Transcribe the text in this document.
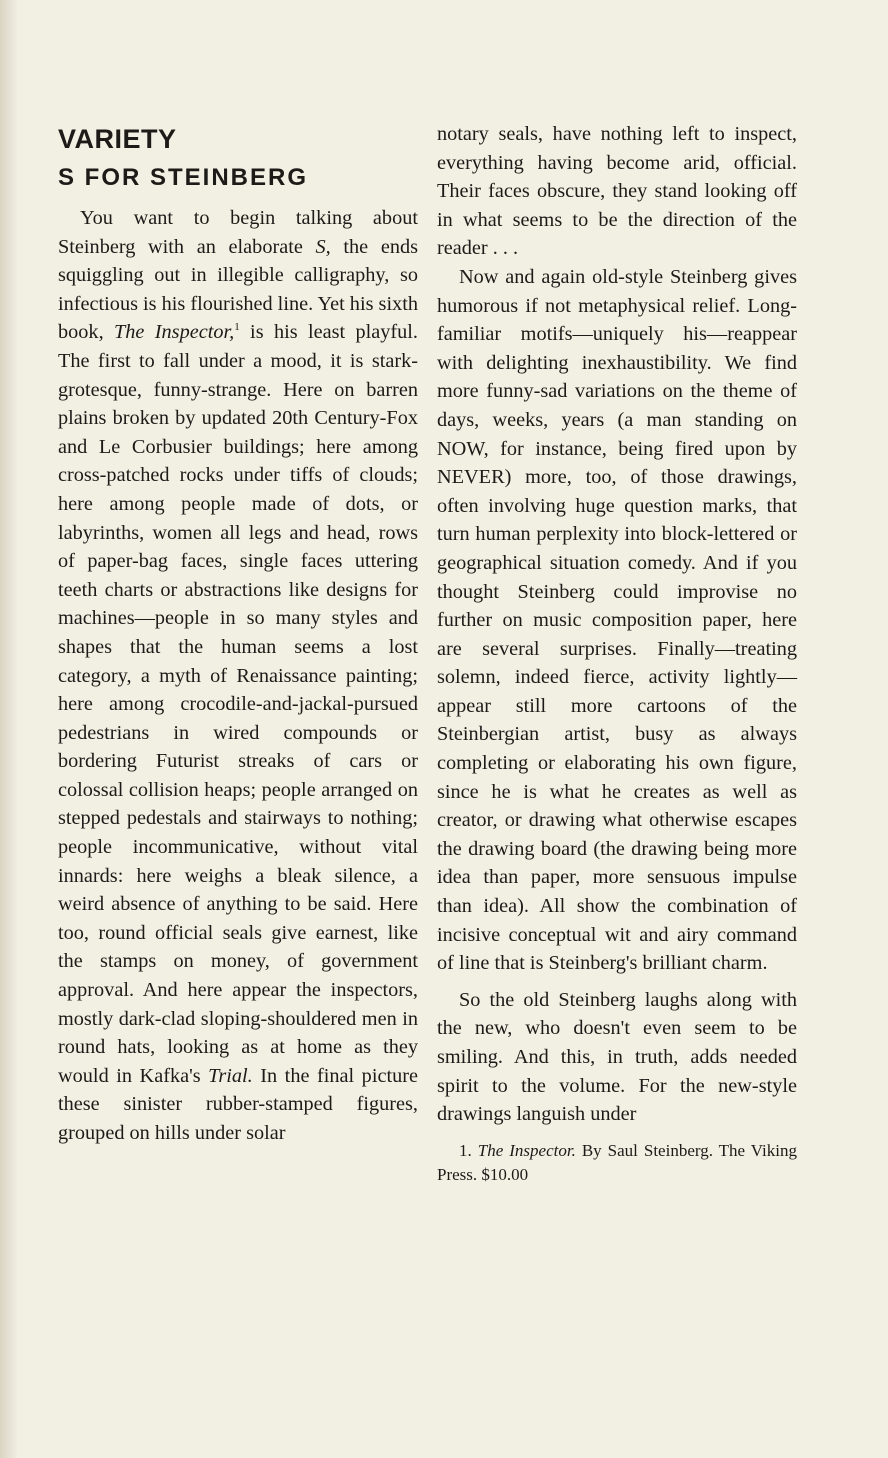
VARIETY
S FOR STEINBERG

You want to begin talking about Steinberg with an elaborate S, the ends squiggling out in illegible calligraphy, so infectious is his flourished line. Yet his sixth book, The Inspector,$^1$ is his least playful. The first to fall under a mood, it is stark-grotesque, funny-strange. Here on barren plains broken by updated 20th Century-Fox and Le Corbusier buildings; here among cross-patched rocks under tiffs of clouds; here among people made of dots, or labyrinths, women all legs and head, rows of paper-bag faces, single faces uttering teeth charts or abstractions like designs for machines—people in so many styles and shapes that the human seems a lost category, a myth of Renaissance painting; here among crocodile-and-jackal-pursued pedestrians in wired compounds or bordering Futurist streaks of cars or colossal collision heaps; people arranged on stepped pedestals and stairways to nothing; people incommunicative, without vital innards: here weighs a bleak silence, a weird absence of anything to be said. Here too, round official seals give earnest, like the stamps on money, of government approval. And here appear the inspectors, mostly dark-clad sloping-shouldered men in round hats, looking as at home as they would in Kafka's Trial. In the final picture these sinister rubber-stamped figures, grouped on hills under solar

notary seals, have nothing left to inspect, everything having become arid, official. Their faces obscure, they stand looking off in what seems to be the direction of the reader . . .

Now and again old-style Steinberg gives humorous if not metaphysical relief. Long-familiar motifs—uniquely his—reappear with delighting inexhaustibility. We find more funny-sad variations on the theme of days, weeks, years (a man standing on NOW, for instance, being fired upon by NEVER) more, too, of those drawings, often involving huge question marks, that turn human perplexity into block-lettered or geographical situation comedy. And if you thought Steinberg could improvise no further on music composition paper, here are several surprises. Finally—treating solemn, indeed fierce, activity lightly—appear still more cartoons of the Steinbergian artist, busy as always completing or elaborating his own figure, since he is what he creates as well as creator, or drawing what otherwise escapes the drawing board (the drawing being more idea than paper, more sensuous impulse than idea). All show the combination of incisive conceptual wit and airy command of line that is Steinberg's brilliant charm.

So the old Steinberg laughs along with the new, who doesn't even seem to be smiling. And this, in truth, adds needed spirit to the volume. For the new-style drawings languish under

1. The Inspector. By Saul Steinberg. The Viking Press. $10.00
